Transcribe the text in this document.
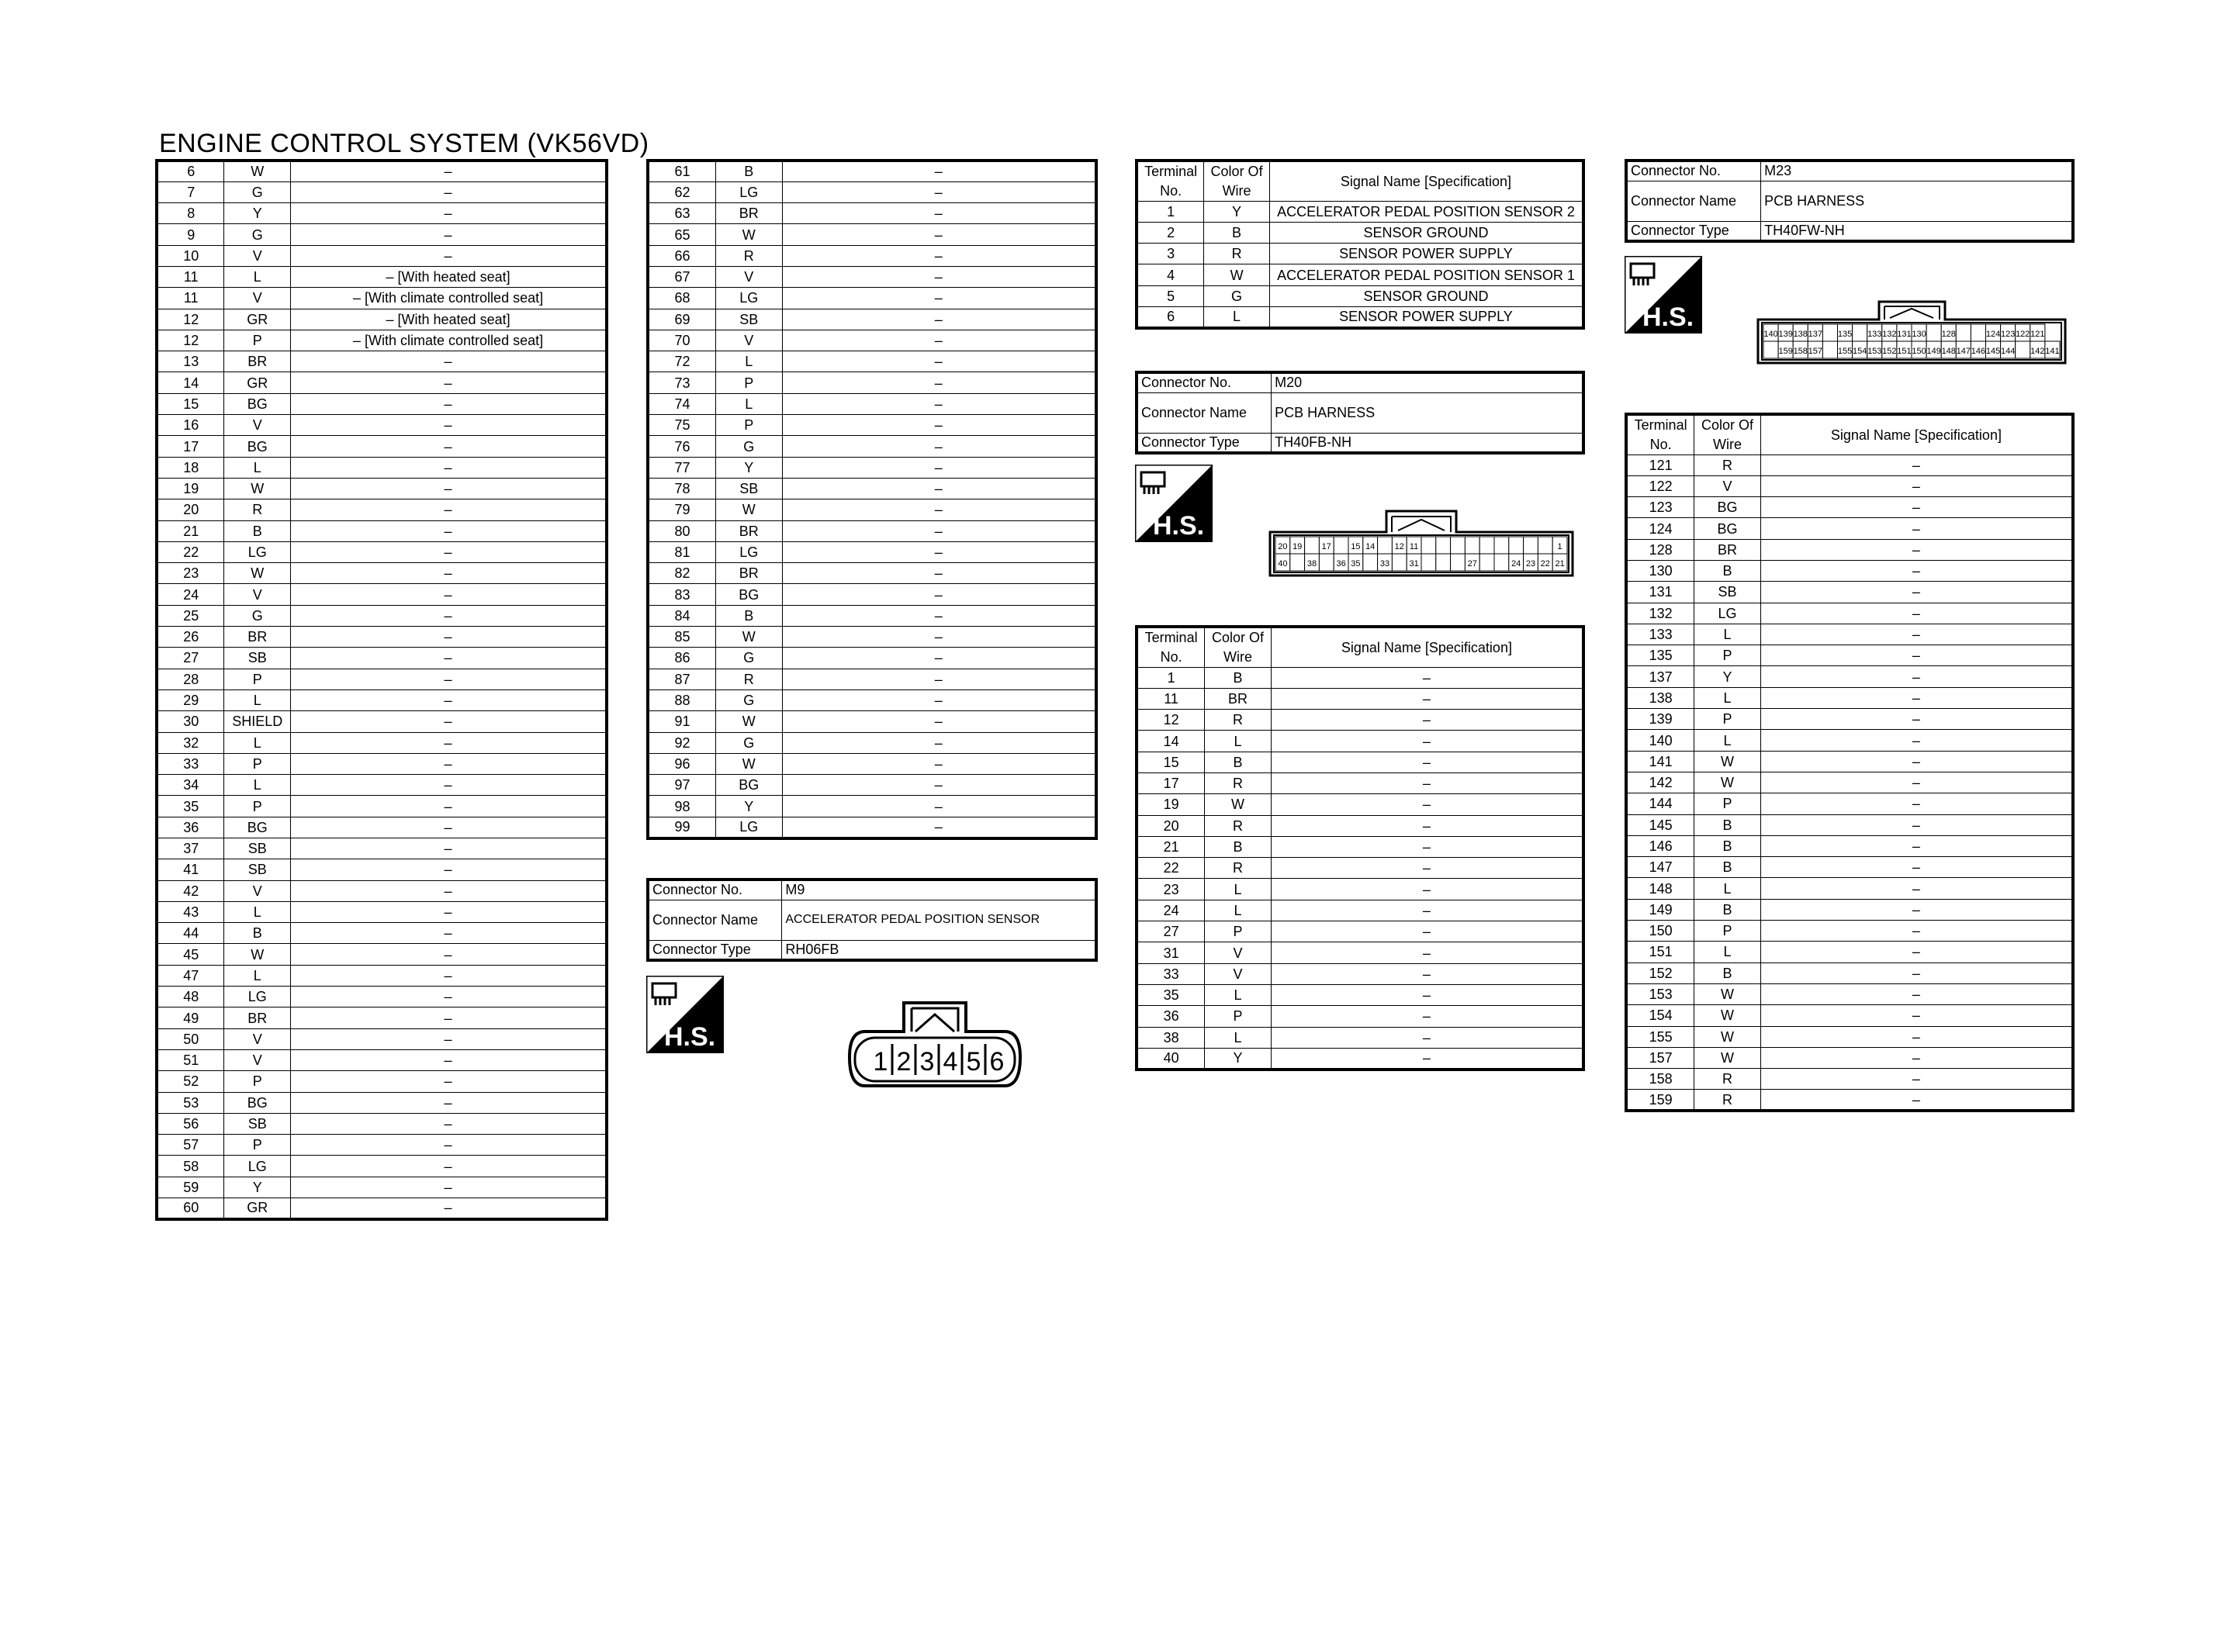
ENGINE CONTROL SYSTEM (VK56VD)
6	W	–
7	G	–
8	Y	–
9	G	–
10	V	–
11	L	– [With heated seat]
11	V	– [With climate controlled seat]
12	GR	– [With heated seat]
12	P	– [With climate controlled seat]
13	BR	–
14	GR	–
15	BG	–
16	V	–
17	BG	–
18	L	–
19	W	–
20	R	–
21	B	–
22	LG	–
23	W	–
24	V	–
25	G	–
26	BR	–
27	SB	–
28	P	–
29	L	–
30	SHIELD	–
32	L	–
33	P	–
34	L	–
35	P	–
36	BG	–
37	SB	–
41	SB	–
42	V	–
43	L	–
44	B	–
45	W	–
47	L	–
48	LG	–
49	BR	–
50	V	–
51	V	–
52	P	–
53	BG	–
56	SB	–
57	P	–
58	LG	–
59	Y	–
60	GR	–
61	B	–
62	LG	–
63	BR	–
65	W	–
66	R	–
67	V	–
68	LG	–
69	SB	–
70	V	–
72	L	–
73	P	–
74	L	–
75	P	–
76	G	–
77	Y	–
78	SB	–
79	W	–
80	BR	–
81	LG	–
82	BR	–
83	BG	–
84	B	–
85	W	–
86	G	–
87	R	–
88	G	–
91	W	–
92	G	–
96	W	–
97	BG	–
98	Y	–
99	LG	–
Connector No.	M9
Connector Name	ACCELERATOR PEDAL POSITION SENSOR
Connector Type	RH06FB
H.S.
H.S.
H.S.
1 2 3 4 5 6
Terminal
No.	Color Of
Wire	Signal Name [Specification]
1	Y	ACCELERATOR PEDAL POSITION SENSOR 2
2	B	SENSOR GROUND
3	R	SENSOR POWER SUPPLY
4	W	ACCELERATOR PEDAL POSITION SENSOR 1
5	G	SENSOR GROUND
6	L	SENSOR POWER SUPPLY
Connector No.	M20
Connector Name	PCB HARNESS
Connector Type	TH40FB-NH
20 19 17 15 14 12 11	1
40 38 36 35 33 31	27	24 23 22 21
Terminal
No.	Color Of
Wire	Signal Name [Specification]
1	B	–
11	BR	–
12	R	–
14	L	–
15	B	–
17	R	–
19	W	–
20	R	–
21	B	–
22	R	–
23	L	–
24	L	–
27	P	–
31	V	–
33	V	–
35	L	–
36	P	–
38	L	–
40	Y	–
Connector No.	M23
Connector Name	PCB HARNESS
Connector Type	TH40FW-NH
140 139 138 137 135 133 132 131 130 128	124 123 122 121
159 158 157 155 154 153 152 151 150 149 148 147 146 145 144 142 141
Terminal
No.	Color Of
Wire	Signal Name [Specification]
121	R	–
122	V	–
123	BG	–
124	BG	–
128	BR	–
130	B	–
131	SB	–
132	LG	–
133	L	–
135	P	–
137	Y	–
138	L	–
139	P	–
140	L	–
141	W	–
142	W	–
144	P	–
145	B	–
146	B	–
147	B	–
148	L	–
149	B	–
150	P	–
151	L	–
152	B	–
153	W	–
154	W	–
155	W	–
157	W	–
158	R	–
159	R	–
